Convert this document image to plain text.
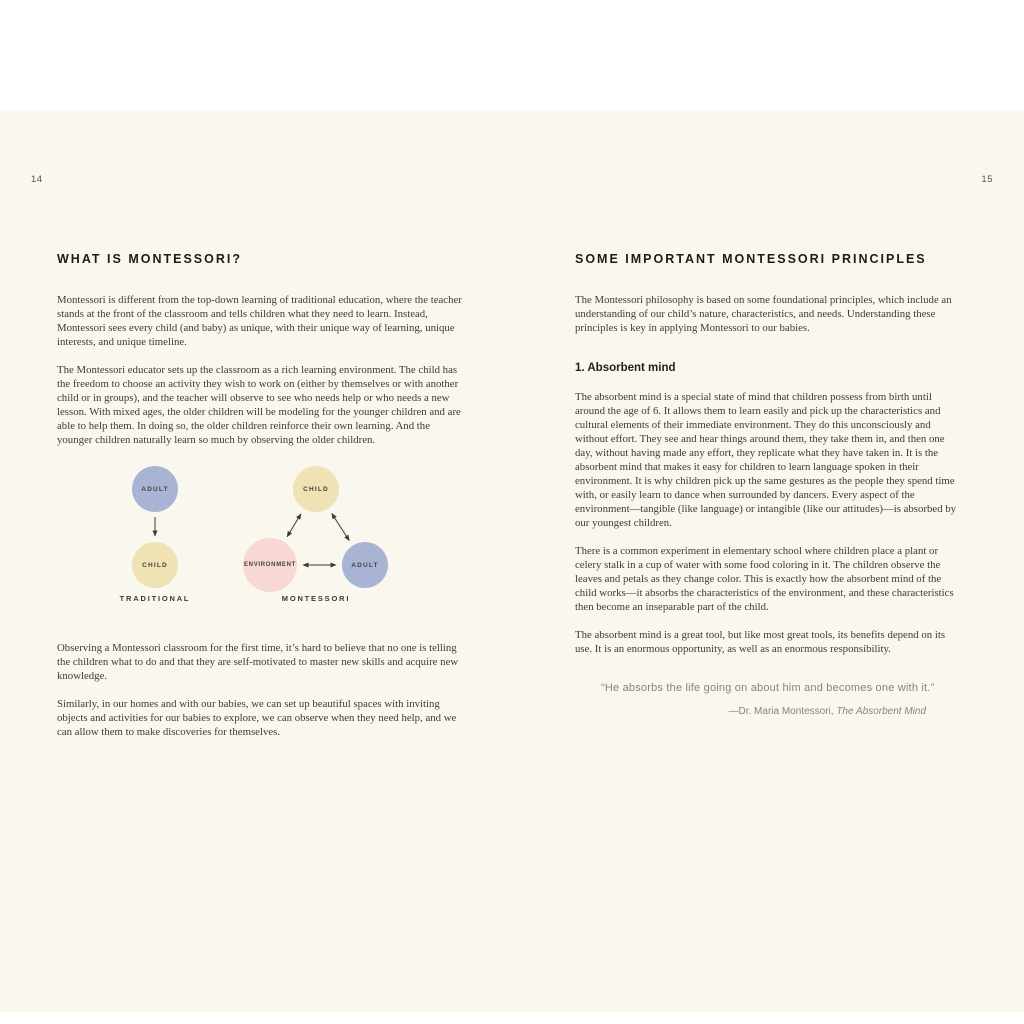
14	15
WHAT IS MONTESSORI?

Montessori is different from the top-down learning of traditional education, where the teacher stands at the front of the classroom and tells children what they need to learn. Instead, Montessori sees every child (and baby) as unique, with their unique way of learning, unique interests, and unique timeline.

The Montessori educator sets up the classroom as a rich learning environment. The child has the freedom to choose an activity they wish to work on (either by themselves or with another child or in groups), and the teacher will observe to see who needs help or who needs a new lesson. With mixed ages, the older children will be modeling for the younger children and are able to help them. In doing so, the older children reinforce their own learning. And the younger children naturally learn so much by observing the older children.

ADULT
CHILD
TRADITIONAL
CHILD
ENVIRONMENT	ADULT
MONTESSORI

Observing a Montessori classroom for the first time, it’s hard to believe that no one is telling the children what to do and that they are self-motivated to master new skills and acquire new knowledge.

Similarly, in our homes and with our babies, we can set up beautiful spaces with inviting objects and activities for our babies to explore, we can observe when they need help, and we can allow them to make discoveries for themselves.

SOME IMPORTANT MONTESSORI PRINCIPLES

The Montessori philosophy is based on some foundational principles, which include an understanding of our child’s nature, characteristics, and needs. Understanding these principles is key in applying Montessori to our babies.

1. Absorbent mind

The absorbent mind is a special state of mind that children possess from birth until around the age of 6. It allows them to learn easily and pick up the characteristics and cultural elements of their immediate environment. They do this unconsciously and without effort. They see and hear things around them, they take them in, and then one day, without having made any effort, they replicate what they have taken in. It is the absorbent mind that makes it easy for children to learn language spoken in their environment. It is why children pick up the same gestures as the people they spend time with, or easily learn to dance when surrounded by dancers. Every aspect of the environment—tangible (like language) or intangible (like our attitudes)—is absorbed by our youngest children.

There is a common experiment in elementary school where children place a plant or celery stalk in a cup of water with some food coloring in it. The children observe the leaves and petals as they change color. This is exactly how the absorbent mind of the child works—it absorbs the characteristics of the environment, and these characteristics then become an inseparable part of the child.

The absorbent mind is a great tool, but like most great tools, its benefits depend on its use. It is an enormous opportunity, as well as an enormous responsibility.

“He absorbs the life going on about him and becomes one with it.”
—Dr. Maria Montessori, The Absorbent Mind
